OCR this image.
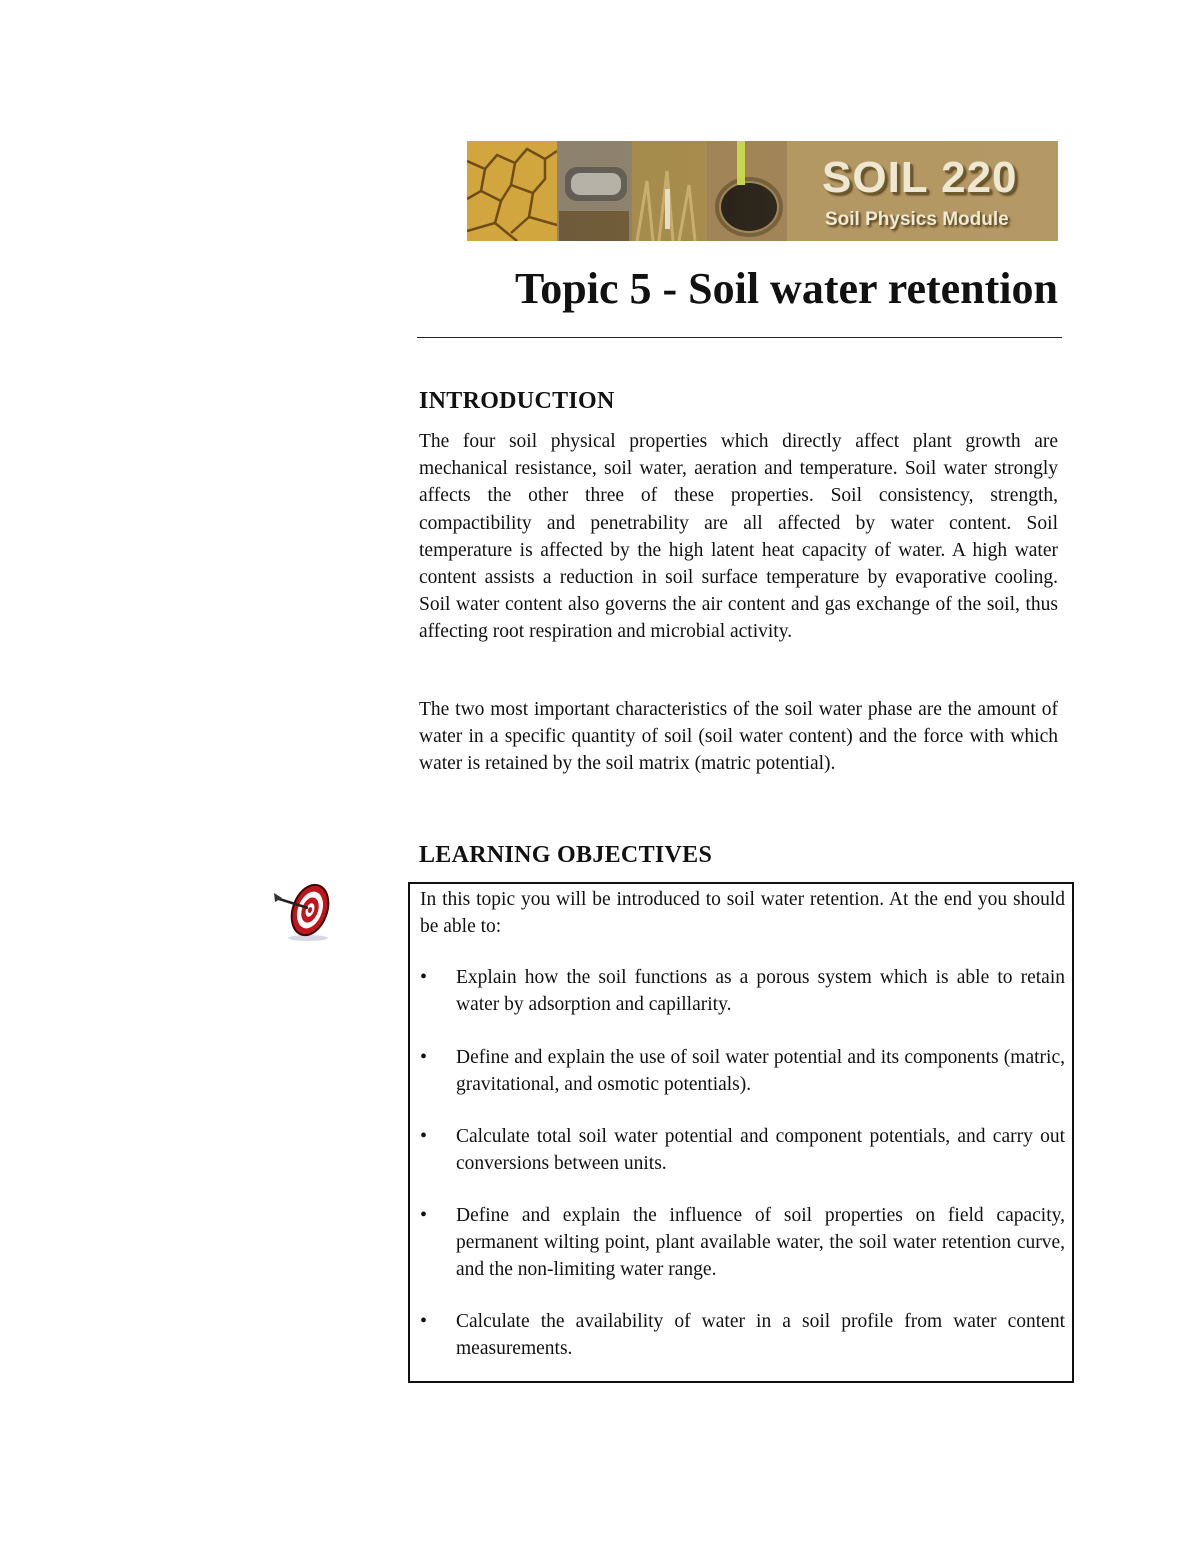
SOIL 220
Soil Physics Module
Topic 5 - Soil water retention
INTRODUCTION

The four soil physical properties which directly affect plant growth are mechanical resistance, soil water, aeration and temperature. Soil water strongly affects the other three of these properties. Soil consistency, strength, compactibility and penetrability are all affected by water content. Soil temperature is affected by the high latent heat capacity of water. A high water content assists a reduction in soil surface temperature by evaporative cooling. Soil water content also governs the air content and gas exchange of the soil, thus affecting root respiration and microbial activity.

The two most important characteristics of the soil water phase are the amount of water in a specific quantity of soil (soil water content) and the force with which water is retained by the soil matrix (matric potential).

LEARNING OBJECTIVES

In this topic you will be introduced to soil water retention. At the end you should be able to:

•	Explain how the soil functions as a porous system which is able to retain water by adsorption and capillarity.
•	Define and explain the use of soil water potential and its components (matric, gravitational, and osmotic potentials).
•	Calculate total soil water potential and component potentials, and carry out conversions between units.
•	Define and explain the influence of soil properties on field capacity, permanent wilting point, plant available water, the soil water retention curve, and the non-limiting water range.
•	Calculate the availability of water in a soil profile from water content measurements.
